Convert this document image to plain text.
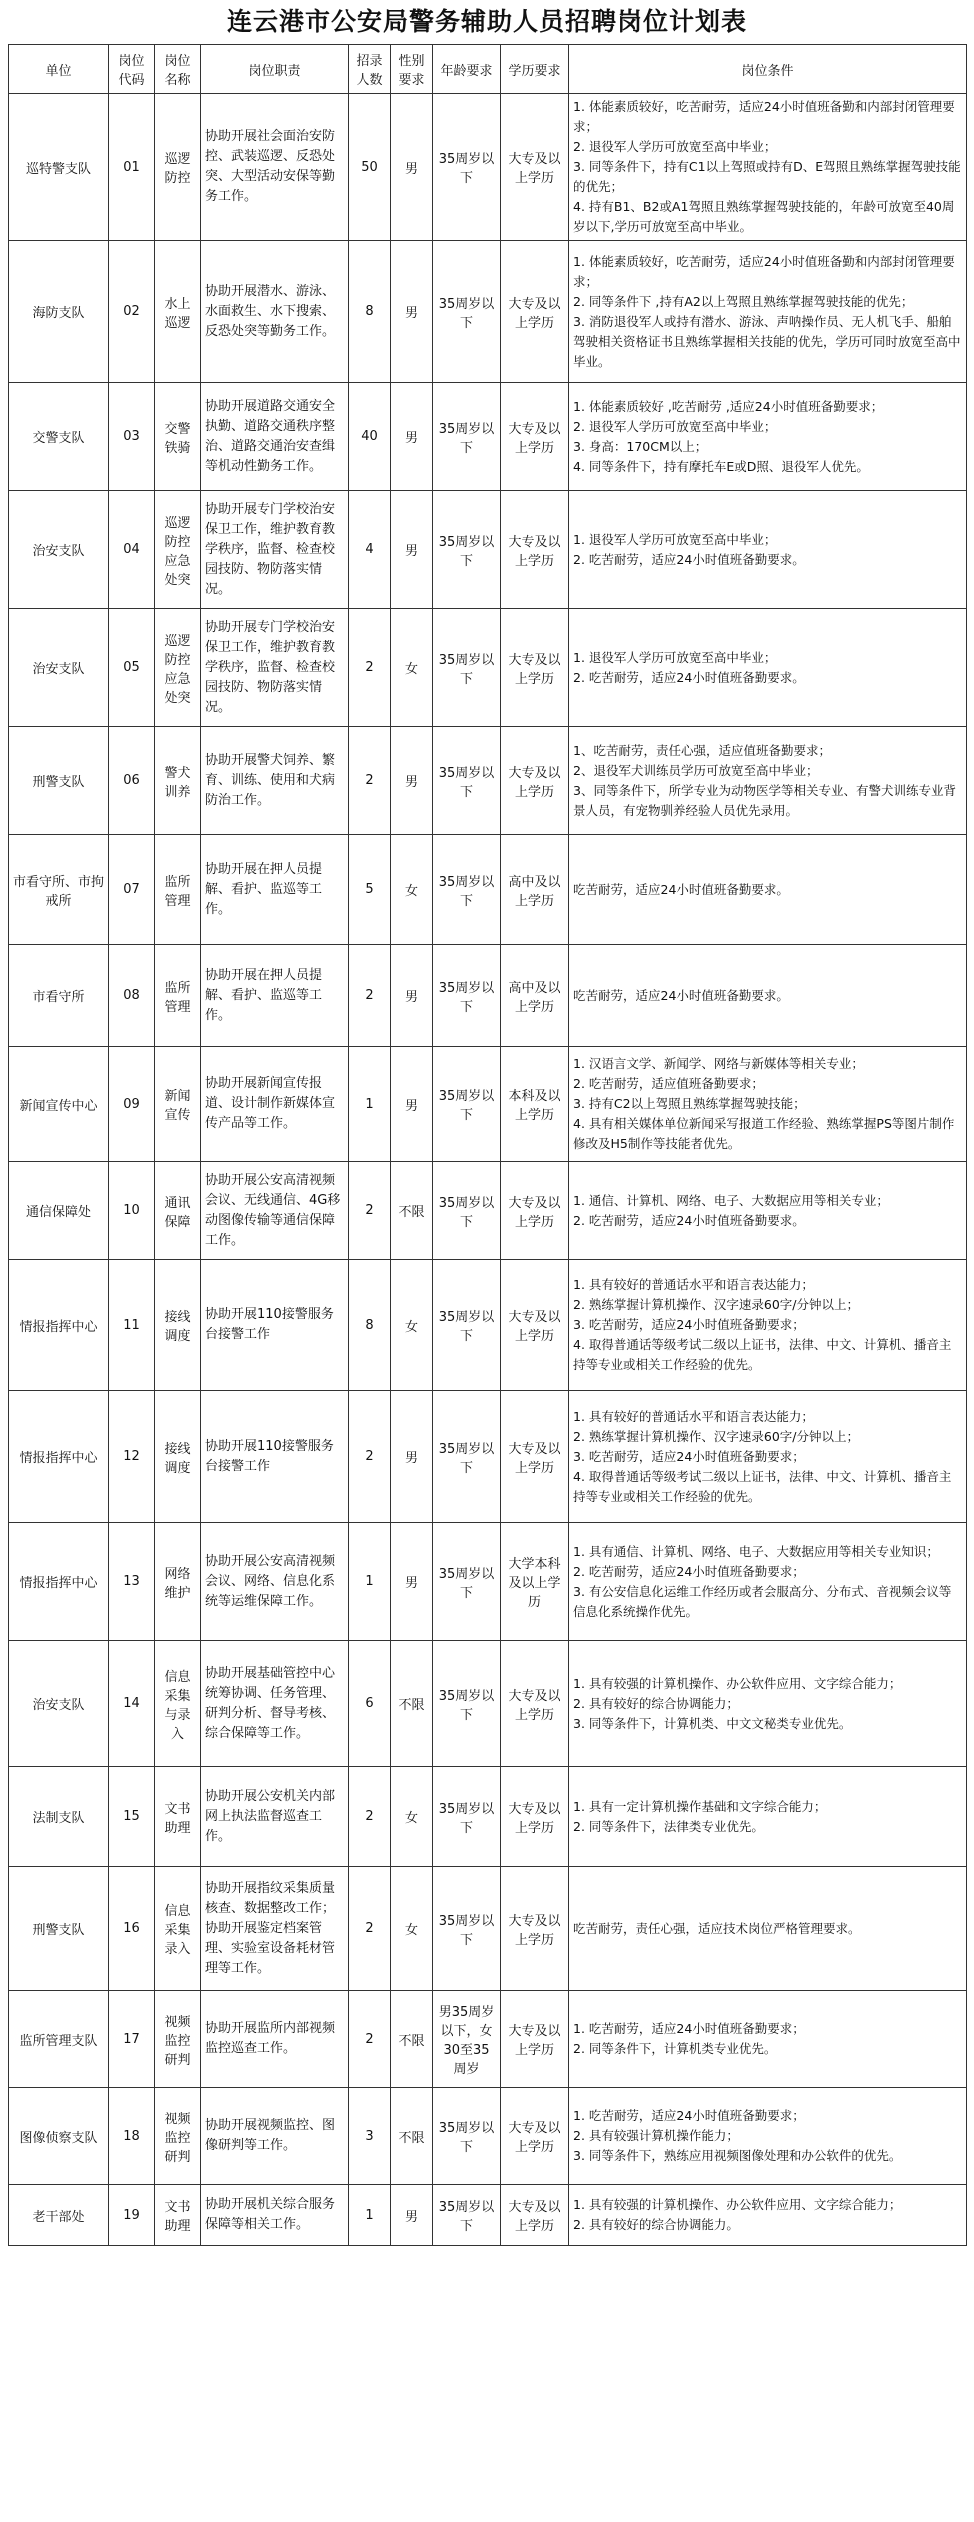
连云港市公安局警务辅助人员招聘岗位计划表
单位	岗位代码	岗位名称	岗位职责	招录人数	性别要求	年龄要求	学历要求	岗位条件
巡特警支队	01	巡逻防控	协助开展社会面治安防控、武装巡逻、反恐处突、大型活动安保等勤务工作。	50	男	35周岁以下	大专及以上学历	1. 体能素质较好，吃苦耐劳，适应24小时值班备勤和内部封闭管理要求；
2. 退役军人学历可放宽至高中毕业；
3. 同等条件下，持有C1以上驾照或持有D、E驾照且熟练掌握驾驶技能的优先；
4. 持有B1、B2或A1驾照且熟练掌握驾驶技能的，年龄可放宽至40周岁以下,学历可放宽至高中毕业。

海防支队	02	水上巡逻	协助开展潜水、游泳、水面救生、水下搜索、反恐处突等勤务工作。	8	男	35周岁以下	大专及以上学历	1. 体能素质较好，吃苦耐劳，适应24小时值班备勤和内部封闭管理要求；
2. 同等条件下 ,持有A2以上驾照且熟练掌握驾驶技能的优先；
3. 消防退役军人或持有潜水、游泳、声呐操作员、无人机飞手、船舶驾驶相关资格证书且熟练掌握相关技能的优先，学历可同时放宽至高中毕业。

交警支队	03	交警铁骑	协助开展道路交通安全执勤、道路交通秩序整治、道路交通治安查缉等机动性勤务工作。	40	男	35周岁以下	大专及以上学历	1. 体能素质较好 ,吃苦耐劳 ,适应24小时值班备勤要求；
2. 退役军人学历可放宽至高中毕业；
3. 身高：170CM以上；
4. 同等条件下，持有摩托车E或D照、退役军人优先。

治安支队	04	巡逻防控应急处突	协助开展专门学校治安保卫工作，维护教育教学秩序，监督、检查校园技防、物防落实情况。	4	男	35周岁以下	大专及以上学历	1. 退役军人学历可放宽至高中毕业；
2. 吃苦耐劳，适应24小时值班备勤要求。

治安支队	05	巡逻防控应急处突	协助开展专门学校治安保卫工作，维护教育教学秩序，监督、检查校园技防、物防落实情况。	2	女	35周岁以下	大专及以上学历	1. 退役军人学历可放宽至高中毕业；
2. 吃苦耐劳，适应24小时值班备勤要求。

刑警支队	06	警犬训养	协助开展警犬饲养、繁育、训练、使用和犬病防治工作。	2	男	35周岁以下	大专及以上学历	1、吃苦耐劳，责任心强，适应值班备勤要求；
2、退役军犬训练员学历可放宽至高中毕业；
3、同等条件下，所学专业为动物医学等相关专业、有警犬训练专业背景人员，有宠物驯养经验人员优先录用。

市看守所、市拘戒所	07	监所管理	协助开展在押人员提解、看护、监巡等工作。	5	女	35周岁以下	高中及以上学历	吃苦耐劳，适应24小时值班备勤要求。

市看守所	08	监所管理	协助开展在押人员提解、看护、监巡等工作。	2	男	35周岁以下	高中及以上学历	吃苦耐劳，适应24小时值班备勤要求。

新闻宣传中心	09	新闻宣传	协助开展新闻宣传报道、设计制作新媒体宣传产品等工作。	1	男	35周岁以下	本科及以上学历	1. 汉语言文学、新闻学、网络与新媒体等相关专业；
2. 吃苦耐劳，适应值班备勤要求；
3. 持有C2以上驾照且熟练掌握驾驶技能；
4. 具有相关媒体单位新闻采写报道工作经验、熟练掌握PS等图片制作修改及H5制作等技能者优先。

通信保障处	10	通讯保障	协助开展公安高清视频会议、无线通信、4G移动图像传输等通信保障工作。	2	不限	35周岁以下	大专及以上学历	1. 通信、计算机、网络、电子、大数据应用等相关专业；
2. 吃苦耐劳，适应24小时值班备勤要求。

情报指挥中心	11	接线调度	协助开展110接警服务台接警工作	8	女	35周岁以下	大专及以上学历	1. 具有较好的普通话水平和语言表达能力；
2. 熟练掌握计算机操作、汉字速录60字/分钟以上；
3. 吃苦耐劳，适应24小时值班备勤要求；
4. 取得普通话等级考试二级以上证书，法律、中文、计算机、播音主持等专业或相关工作经验的优先。

情报指挥中心	12	接线调度	协助开展110接警服务台接警工作	2	男	35周岁以下	大专及以上学历	1. 具有较好的普通话水平和语言表达能力；
2. 熟练掌握计算机操作、汉字速录60字/分钟以上；
3. 吃苦耐劳，适应24小时值班备勤要求；
4. 取得普通话等级考试二级以上证书，法律、中文、计算机、播音主持等专业或相关工作经验的优先。

情报指挥中心	13	网络维护	协助开展公安高清视频会议、网络、信息化系统等运维保障工作。	1	男	35周岁以下	大学本科及以上学历	1. 具有通信、计算机、网络、电子、大数据应用等相关专业知识；
2. 吃苦耐劳，适应24小时值班备勤要求；
3. 有公安信息化运维工作经历或者会服高分、分布式、音视频会议等信息化系统操作优先。

治安支队	14	信息采集与录入	协助开展基础管控中心统筹协调、任务管理、研判分析、督导考核、综合保障等工作。	6	不限	35周岁以下	大专及以上学历	1. 具有较强的计算机操作、办公软件应用、文字综合能力；
2. 具有较好的综合协调能力；
3. 同等条件下，计算机类、中文文秘类专业优先。

法制支队	15	文书助理	协助开展公安机关内部网上执法监督巡查工作。	2	女	35周岁以下	大专及以上学历	1. 具有一定计算机操作基础和文字综合能力；
2. 同等条件下，法律类专业优先。

刑警支队	16	信息采集录入	协助开展指纹采集质量核查、数据整改工作；协助开展鉴定档案管理、实验室设备耗材管理等工作。	2	女	35周岁以下	大专及以上学历	吃苦耐劳，责任心强，适应技术岗位严格管理要求。

监所管理支队	17	视频监控研判	协助开展监所内部视频监控巡查工作。	2	不限	男35周岁以下，女30至35周岁	大专及以上学历	1. 吃苦耐劳，适应24小时值班备勤要求；
2. 同等条件下，计算机类专业优先。

图像侦察支队	18	视频监控研判	协助开展视频监控、图像研判等工作。	3	不限	35周岁以下	大专及以上学历	1. 吃苦耐劳，适应24小时值班备勤要求；
2. 具有较强计算机操作能力；
3. 同等条件下，熟练应用视频图像处理和办公软件的优先。

老干部处	19	文书助理	协助开展机关综合服务保障等相关工作。	1	男	35周岁以下	大专及以上学历	1. 具有较强的计算机操作、办公软件应用、文字综合能力；
2. 具有较好的综合协调能力。
